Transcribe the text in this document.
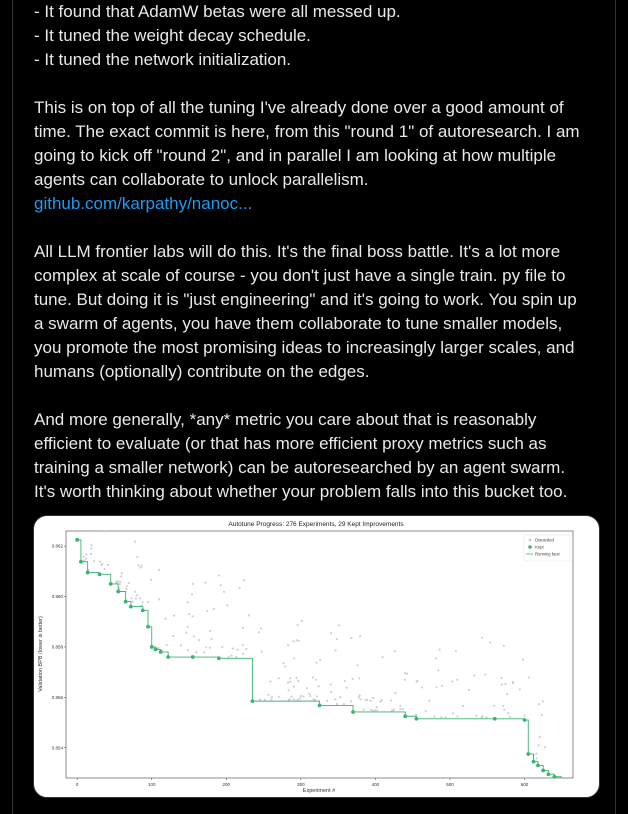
- It found that AdamW betas were all messed up.
- It tuned the weight decay schedule.
- It tuned the network initialization.
This is on top of all the tuning I've already done over a good amount of
time. The exact commit is here, from this "round 1" of autoresearch. I am
going to kick off "round 2", and in parallel I am looking at how multiple
agents can collaborate to unlock parallelism.
github.com/karpathy/nanoc...
All LLM frontier labs will do this. It's the final boss battle. It's a lot more
complex at scale of course - you don't just have a single train. py file to
tune. But doing it is "just engineering" and it's going to work. You spin up
a swarm of agents, you have them collaborate to tune smaller models,
you promote the most promising ideas to increasingly larger scales, and
humans (optionally) contribute on the edges.
And more generally, *any* metric you care about that is reasonably
efficient to evaluate (or that has more efficient proxy metrics such as
training a smaller network) can be autoresearched by an agent swarm.
It's worth thinking about whether your problem falls into this bucket too.
Autotune Progress: 276 Experiments, 29 Kept Improvements
Validation BPB (lower is better)
Experiment #
0	100	200	300	400	500	600
0.862
0.860
0.858
0.856
0.854
Discarded
Kept
Running best
